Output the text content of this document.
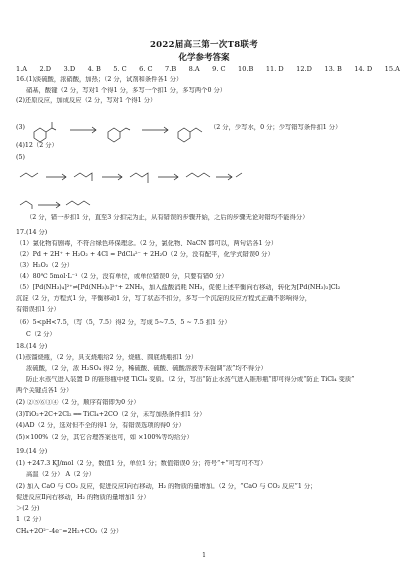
2022届高三第一次T8联考
化学参考答案
1.A 2.D 3.D 4. B 5. C 6. C 7.B 8.A 9. C 10.B 11. D 12.D 13. B 14. D 15.A
16.(1)淡硫酸，浓硝酸，加热；（2 分，试剂和条件各1 分）
硝基，酸键（2 分，写对1 个得1 分，多写一个扣1 分，多写两个0 分）
(2)还原反应，加成反应（2 分，写对1 个得1 分）
(3)	（2 分，少写水，0 分；少写错写条件扣1 分）
(4)12（2 分）
(5)
（2 分，错一步扣1 分，直至3 分扣完为止，从有错误的步骤开始，之后的步骤无论对错均不能得分）
17.(14 分)
（1）氯化物有剧毒，不符合绿色环保理念。（2 分，氯化物、NaCN 都可以，两句话各1 分）
（2）Pd + 2H⁺ + H₂O₂ + 4Cl = PdCl₄²⁻ + 2H₂O（2 分，没有配平，化学式错误0 分）
（3）H₂O₂（2 分）
（4）80℃ 5mol·L⁻¹（2 分，没有单位，或单位错误0 分，只要有错0 分）
（5）[Pd(NH₃)₄]²⁺⇌[Pd(NH₃)₂]²⁺+ 2NH₃，加入盐酸消耗 NH₃，促使上述平衡向右移动，转化为[Pd(NH₃)₂]Cl₂
沉淀（2 分，方程式1 分，平衡移动1 分，写了状态不扣分，多写一个沉淀的反应方程式正确不影响得分，
有错误扣1 分）
（6）5<pH<7.5，（写（5，7.5）得2 分，写成 5~7.5、5 ~ 7.5 扣1 分）
C（2 分）
18.(14 分)
(1)蒸馏烧瓶，（2 分，具支烧瓶给2 分，烧瓶、圆底烧瓶扣1 分）
浓硫酸，（2 分，浓 H₂SO₄ 得2 分，稀硫酸、硫酸、硫酸溶液等未强调“浓”均不得分）
防止水蒸气进入装置 D 的锥形瓶中使 TiCl₄ 变质。（2 分，写出“防止水蒸气进入锥形瓶”即可得分或“防止 TiCl₄ 变质”
两个关键点各1 分）
(2) ②⑤⑥③④（2 分，顺序有错即为0 分）
(3)TiO₂+2C+2Cl₂ ══ TiCl₄+2CO（2 分，未写加热条件扣1 分）
(4)AD（2 分，选对但不全的得1 分，有错误选项的得0 分）
(5)×100%（2 分，其它合理答案也可，如 ×100%等均给分）
19.(14 分)
(1) +247.3 KJ/mol（2 分，数值1 分，单位1 分；数值错误0 分；符号“+”可写可不写）
高温（2 分） A（2 分）
(2) 加入 CaO 与 CO₂ 反应，促进反应Ⅰ向右移动，H₂ 的物质的量增加。（2 分，“CaO 与 CO₂ 反应”1 分；
促进反应Ⅱ向右移动，H₂ 的物质的量增加1 分）
＞(2 分)
1（2 分）
CH₄+2O²⁻-4e⁻=2H₂+CO₂（2 分）
1
